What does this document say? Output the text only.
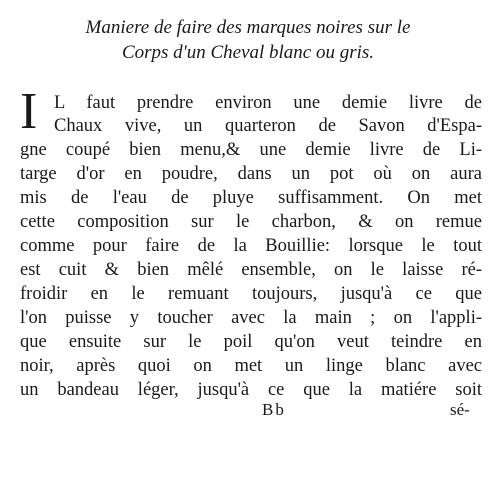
Maniere de faire des marques noires sur le
Corps d'un Cheval blanc ou gris.
I L faut prendre environ une demie livre de
Chaux vive, un quarteron de Savon d'Espa-
gne coupé bien menu,& une demie livre de Li-
targe d'or en poudre, dans un pot où on aura
mis de l'eau de pluye suffisamment. On met
cette composition sur le charbon, & on remue
comme pour faire de la Bouillie: lorsque le tout
est cuit & bien mêlé ensemble, on le laisse ré-
froidir en le remuant toujours, jusqu'à ce que
l'on puisse y toucher avec la main ; on l'appli-
que ensuite sur le poil qu'on veut teindre en
noir, après quoi on met un linge blanc avec
un bandeau léger, jusqu'à ce que la matiére soit
Bb	sé-
